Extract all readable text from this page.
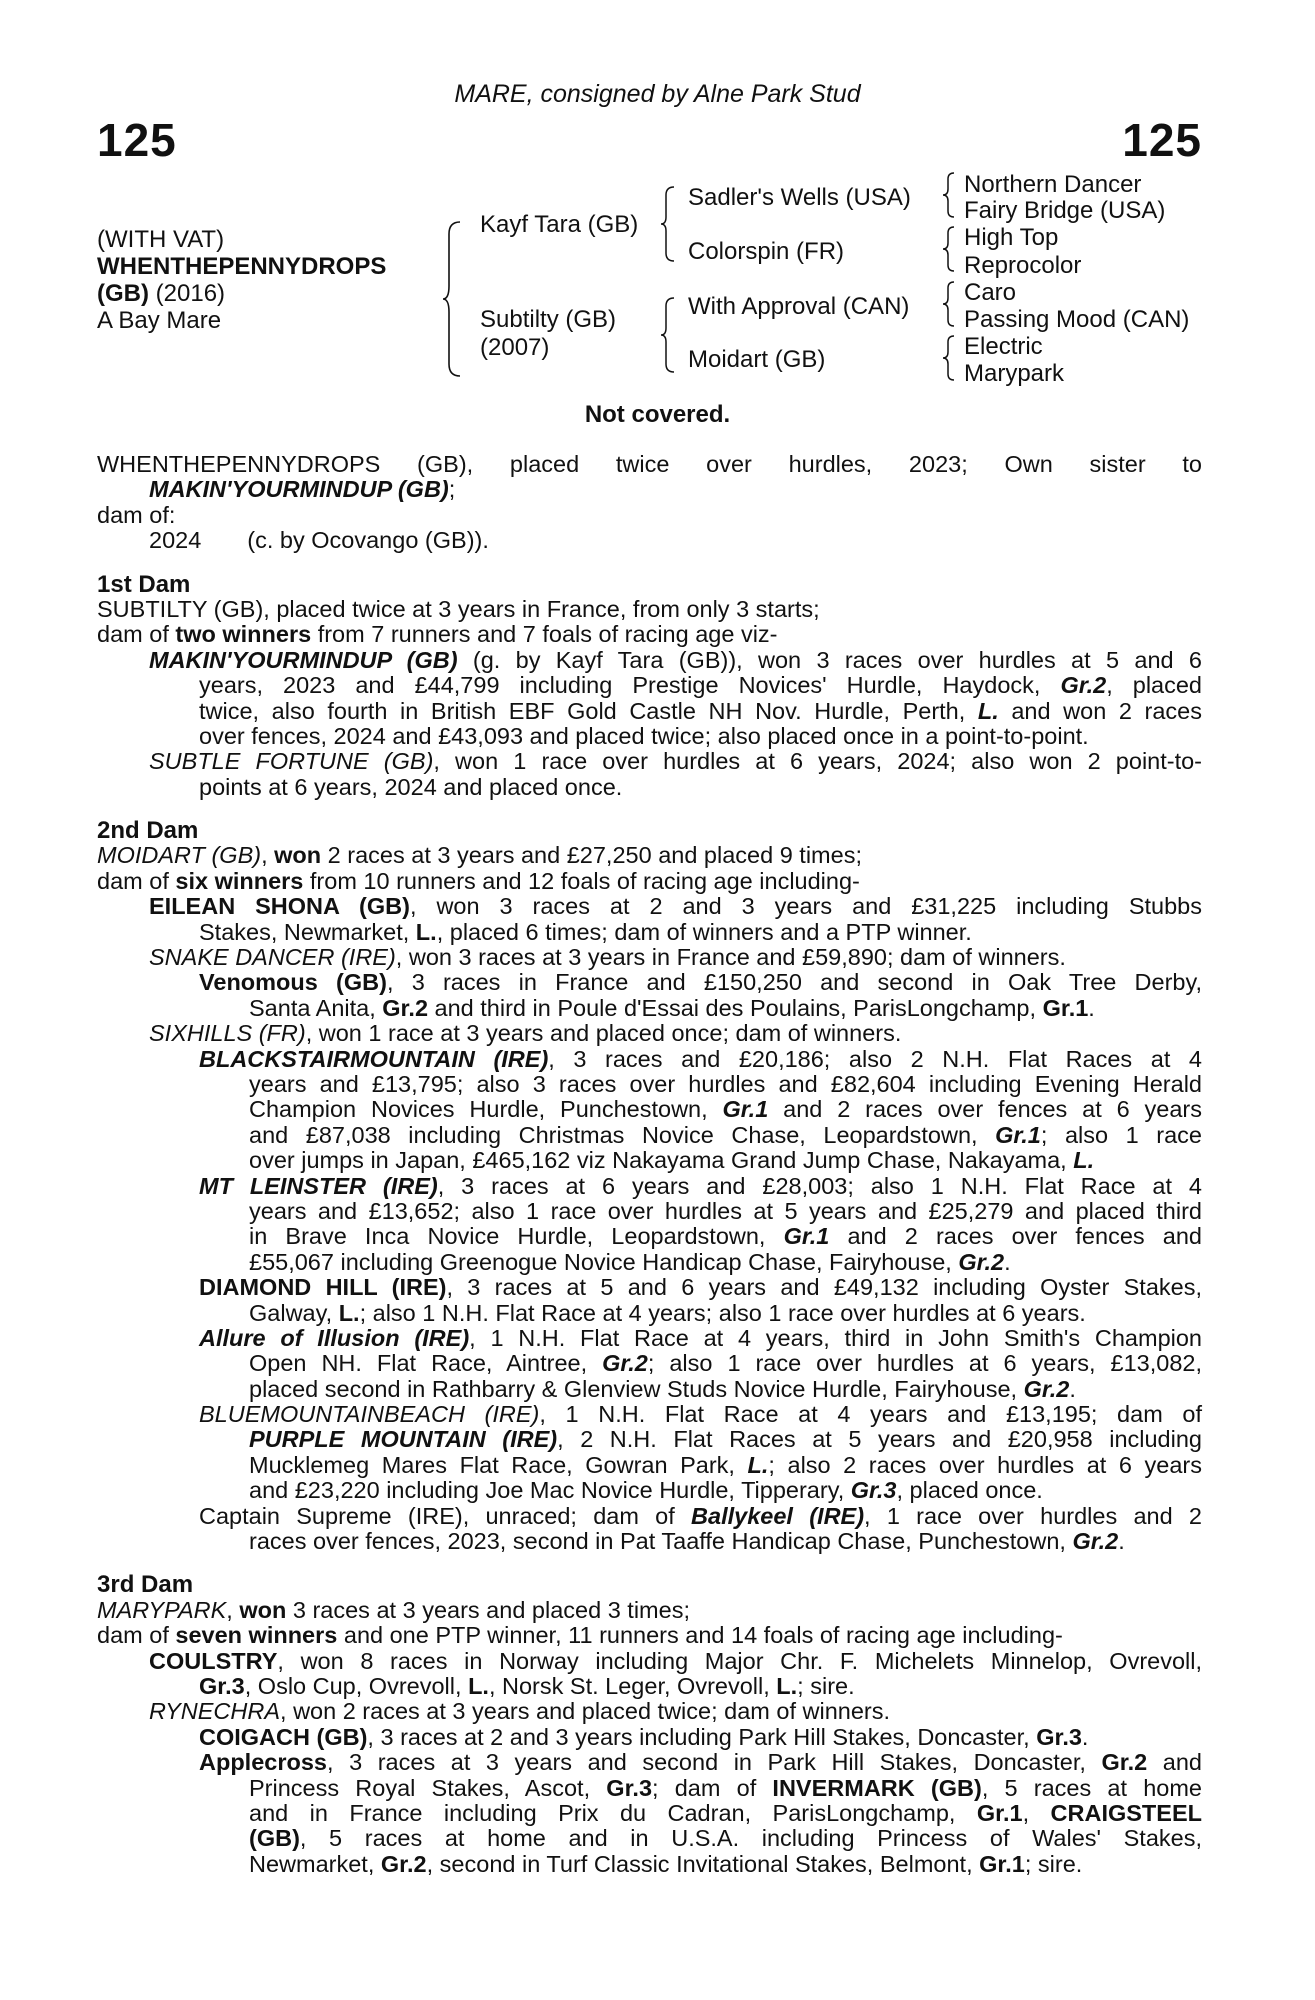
MARE, consigned by Alne Park Stud
125	125
(WITH VAT)
WHENTHEPENNYDROPS
(GB) (2016)
A Bay Mare
Kayf Tara (GB)
Subtilty (GB)
(2007)
Sadler's Wells (USA)
Colorspin (FR)
With Approval (CAN)
Moidart (GB)
Northern Dancer
Fairy Bridge (USA)
High Top
Reprocolor
Caro
Passing Mood (CAN)
Electric
Marypark
Not covered.
WHENTHEPENNYDROPS (GB), placed twice over hurdles, 2023; Own sister to
MAKIN'YOURMINDUP (GB);
dam of:
2024 (c. by Ocovango (GB)).
1st Dam
SUBTILTY (GB), placed twice at 3 years in France, from only 3 starts;
dam of two winners from 7 runners and 7 foals of racing age viz-
MAKIN'YOURMINDUP (GB) (g. by Kayf Tara (GB)), won 3 races over hurdles at 5 and 6
years, 2023 and £44,799 including Prestige Novices' Hurdle, Haydock, Gr.2, placed
twice, also fourth in British EBF Gold Castle NH Nov. Hurdle, Perth, L. and won 2 races
over fences, 2024 and £43,093 and placed twice; also placed once in a point-to-point.
SUBTLE FORTUNE (GB), won 1 race over hurdles at 6 years, 2024; also won 2 point-to-
points at 6 years, 2024 and placed once.
2nd Dam
MOIDART (GB), won 2 races at 3 years and £27,250 and placed 9 times;
dam of six winners from 10 runners and 12 foals of racing age including-
EILEAN SHONA (GB), won 3 races at 2 and 3 years and £31,225 including Stubbs
Stakes, Newmarket, L., placed 6 times; dam of winners and a PTP winner.
SNAKE DANCER (IRE), won 3 races at 3 years in France and £59,890; dam of winners.
Venomous (GB), 3 races in France and £150,250 and second in Oak Tree Derby,
Santa Anita, Gr.2 and third in Poule d'Essai des Poulains, ParisLongchamp, Gr.1.
SIXHILLS (FR), won 1 race at 3 years and placed once; dam of winners.
BLACKSTAIRMOUNTAIN (IRE), 3 races and £20,186; also 2 N.H. Flat Races at 4
years and £13,795; also 3 races over hurdles and £82,604 including Evening Herald
Champion Novices Hurdle, Punchestown, Gr.1 and 2 races over fences at 6 years
and £87,038 including Christmas Novice Chase, Leopardstown, Gr.1; also 1 race
over jumps in Japan, £465,162 viz Nakayama Grand Jump Chase, Nakayama, L.
MT LEINSTER (IRE), 3 races at 6 years and £28,003; also 1 N.H. Flat Race at 4
years and £13,652; also 1 race over hurdles at 5 years and £25,279 and placed third
in Brave Inca Novice Hurdle, Leopardstown, Gr.1 and 2 races over fences and
£55,067 including Greenogue Novice Handicap Chase, Fairyhouse, Gr.2.
DIAMOND HILL (IRE), 3 races at 5 and 6 years and £49,132 including Oyster Stakes,
Galway, L.; also 1 N.H. Flat Race at 4 years; also 1 race over hurdles at 6 years.
Allure of Illusion (IRE), 1 N.H. Flat Race at 4 years, third in John Smith's Champion
Open NH. Flat Race, Aintree, Gr.2; also 1 race over hurdles at 6 years, £13,082,
placed second in Rathbarry & Glenview Studs Novice Hurdle, Fairyhouse, Gr.2.
BLUEMOUNTAINBEACH (IRE), 1 N.H. Flat Race at 4 years and £13,195; dam of
PURPLE MOUNTAIN (IRE), 2 N.H. Flat Races at 5 years and £20,958 including
Mucklemeg Mares Flat Race, Gowran Park, L.; also 2 races over hurdles at 6 years
and £23,220 including Joe Mac Novice Hurdle, Tipperary, Gr.3, placed once.
Captain Supreme (IRE), unraced; dam of Ballykeel (IRE), 1 race over hurdles and 2
races over fences, 2023, second in Pat Taaffe Handicap Chase, Punchestown, Gr.2.
3rd Dam
MARYPARK, won 3 races at 3 years and placed 3 times;
dam of seven winners and one PTP winner, 11 runners and 14 foals of racing age including-
COULSTRY, won 8 races in Norway including Major Chr. F. Michelets Minnelop, Ovrevoll,
Gr.3, Oslo Cup, Ovrevoll, L., Norsk St. Leger, Ovrevoll, L.; sire.
RYNECHRA, won 2 races at 3 years and placed twice; dam of winners.
COIGACH (GB), 3 races at 2 and 3 years including Park Hill Stakes, Doncaster, Gr.3.
Applecross, 3 races at 3 years and second in Park Hill Stakes, Doncaster, Gr.2 and
Princess Royal Stakes, Ascot, Gr.3; dam of INVERMARK (GB), 5 races at home
and in France including Prix du Cadran, ParisLongchamp, Gr.1, CRAIGSTEEL
(GB), 5 races at home and in U.S.A. including Princess of Wales' Stakes,
Newmarket, Gr.2, second in Turf Classic Invitational Stakes, Belmont, Gr.1; sire.
